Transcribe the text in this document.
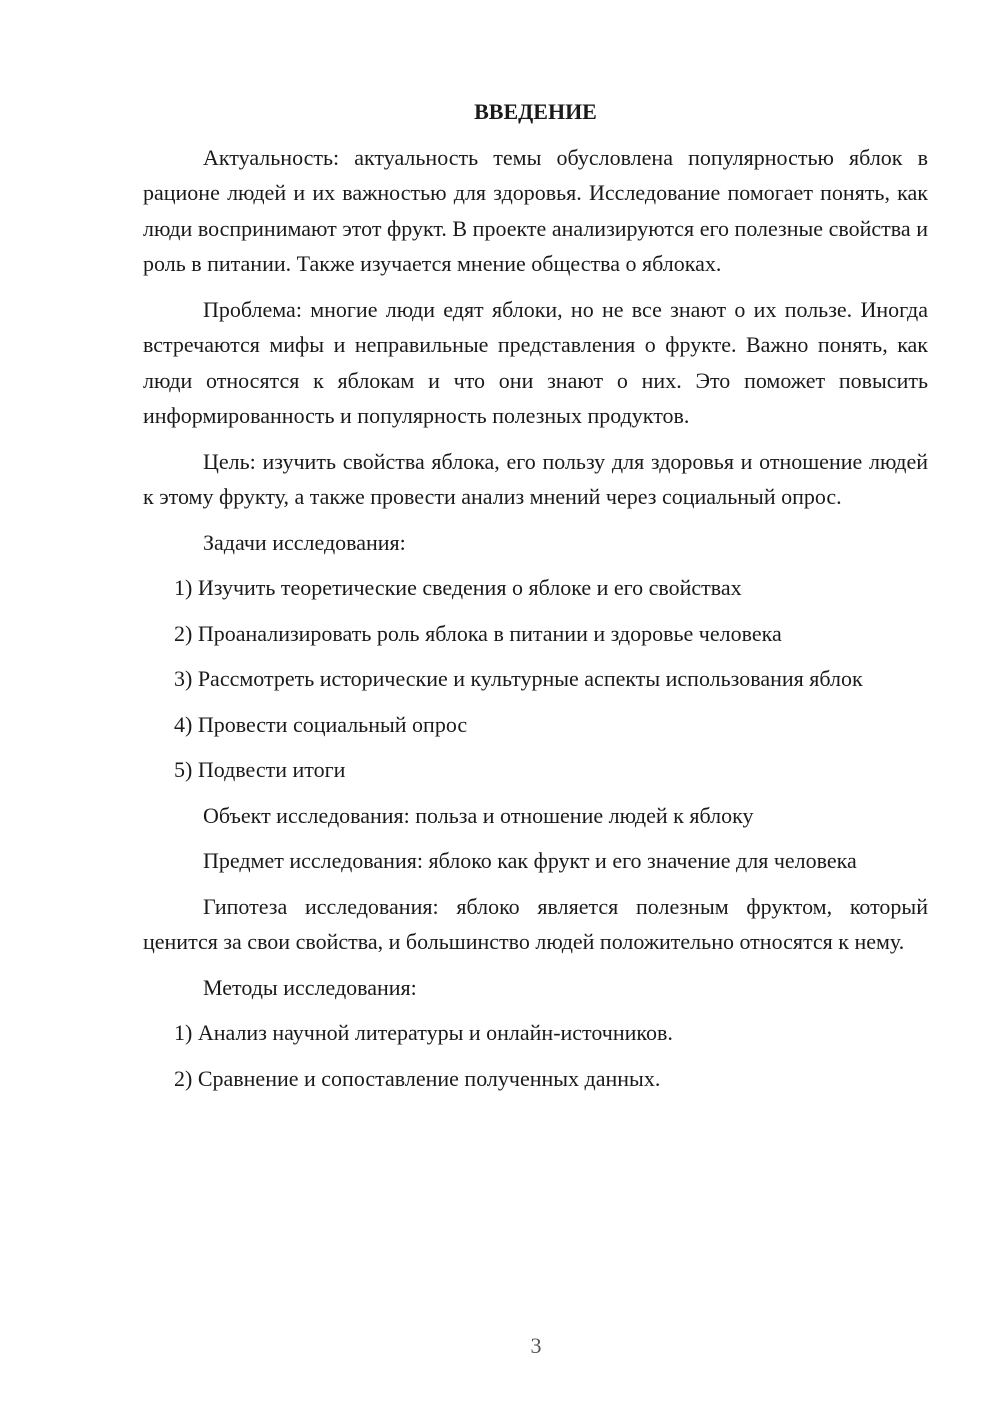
ВВЕДЕНИЕ

Актуальность: актуальность темы обусловлена популярностью яблок в рационе людей и их важностью для здоровья. Исследование помогает понять, как люди воспринимают этот фрукт. В проекте анализируются его полезные свойства и роль в питании. Также изучается мнение общества о яблоках.

Проблема: многие люди едят яблоки, но не все знают о их пользе. Иногда встречаются мифы и неправильные представления о фрукте. Важно понять, как люди относятся к яблокам и что они знают о них. Это поможет повысить информированность и популярность полезных продуктов.

Цель: изучить свойства яблока, его пользу для здоровья и отношение людей к этому фрукту, а также провести анализ мнений через социальный опрос.

Задачи исследования:

1) Изучить теоретические сведения о яблоке и его свойствах

2) Проанализировать роль яблока в питании и здоровье человека

3) Рассмотреть исторические и культурные аспекты использования яблок

4) Провести социальный опрос

5) Подвести итоги

Объект исследования: польза и отношение людей к яблоку

Предмет исследования: яблоко как фрукт и его значение для человека

Гипотеза исследования: яблоко является полезным фруктом, который ценится за свои свойства, и большинство людей положительно относятся к нему.

Методы исследования:

1) Анализ научной литературы и онлайн-источников.

2) Сравнение и сопоставление полученных данных.

3
